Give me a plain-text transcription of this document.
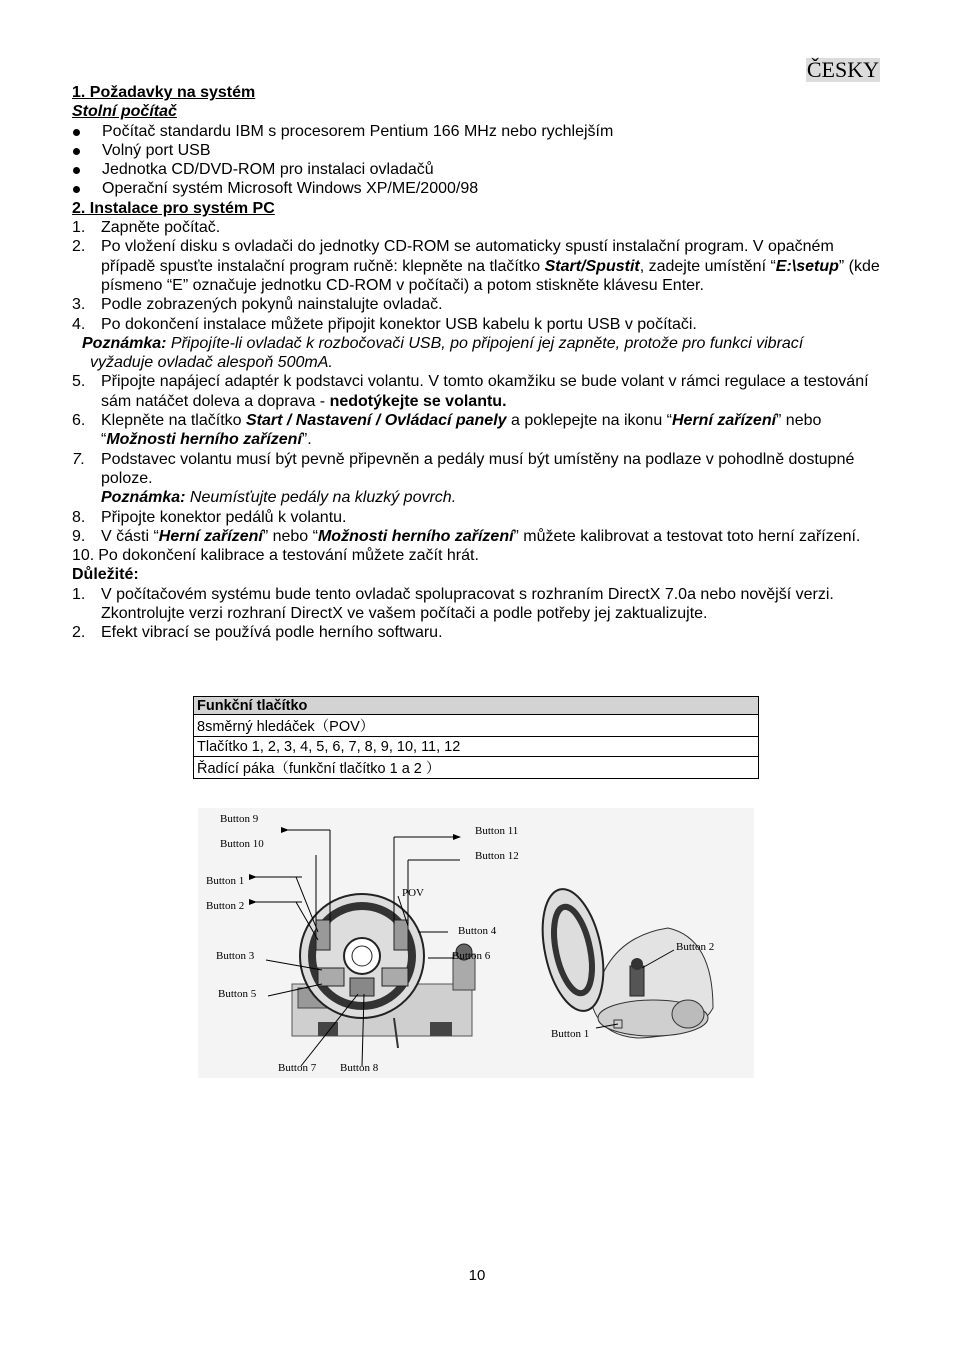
ČESKY
1. Požadavky na systém
Stolní počítač
Počítač standardu IBM s procesorem Pentium 166 MHz nebo rychlejším
Volný port USB
Jednotka CD/DVD-ROM pro instalaci ovladačů
Operační systém Microsoft Windows XP/ME/2000/98
2. Instalace pro systém PC
1. Zapněte počítač.
2. Po vložení disku s ovladači do jednotky CD-ROM se automaticky spustí instalační program. V opačném případě spusťte instalační program ručně: klepněte na tlačítko Start/Spustit, zadejte umístění “E:\setup” (kde písmeno “E” označuje jednotku CD-ROM v počítači) a potom stiskněte klávesu Enter.
3. Podle zobrazených pokynů nainstalujte ovladač.
4. Po dokončení instalace můžete připojit konektor USB kabelu k portu USB v počítači.
Poznámka: Připojíte-li ovladač k rozbočovači USB, po připojení jej zapněte, protože pro funkci vibrací
vyžaduje ovladač alespoň 500mA.
5. Připojte napájecí adaptér k podstavci volantu. V tomto okamžiku se bude volant v rámci regulace a testování sám natáčet doleva a doprava - nedotýkejte se volantu.
6. Klepněte na tlačítko Start / Nastavení / Ovládací panely a poklepejte na ikonu “Herní zařízení” nebo “Možnosti herního zařízení”.
7. Podstavec volantu musí být pevně připevněn a pedály musí být umístěny na podlaze v pohodlně dostupné poloze.
Poznámka: Neumísťujte pedály na kluzký povrch.
8. Připojte konektor pedálů k volantu.
9. V části “Herní zařízení” nebo “Možnosti herního zařízení” můžete kalibrovat a testovat toto herní zařízení.
10. Po dokončení kalibrace a testování můžete začít hrát.
Důležité:
1. V počítačovém systému bude tento ovladač spolupracovat s rozhraním DirectX 7.0a nebo novější verzi. Zkontrolujte verzi rozhraní DirectX ve vašem počítači a podle potřeby jej zaktualizujte.
2. Efekt vibrací se používá podle herního softwaru.
Funkční tlačítko
8směrný hledáček（POV）
Tlačítko 1, 2, 3, 4, 5, 6, 7, 8, 9, 10, 11, 12
Řadící páka（funkční tlačítko 1 a 2 ）
Button 9
Button 10
Button 11
Button 12
Button 1
Button 2
POV
Button 4
Button 3	Button 6
Button 5
Button 7 Button 8
Button 2
Button 1
10
